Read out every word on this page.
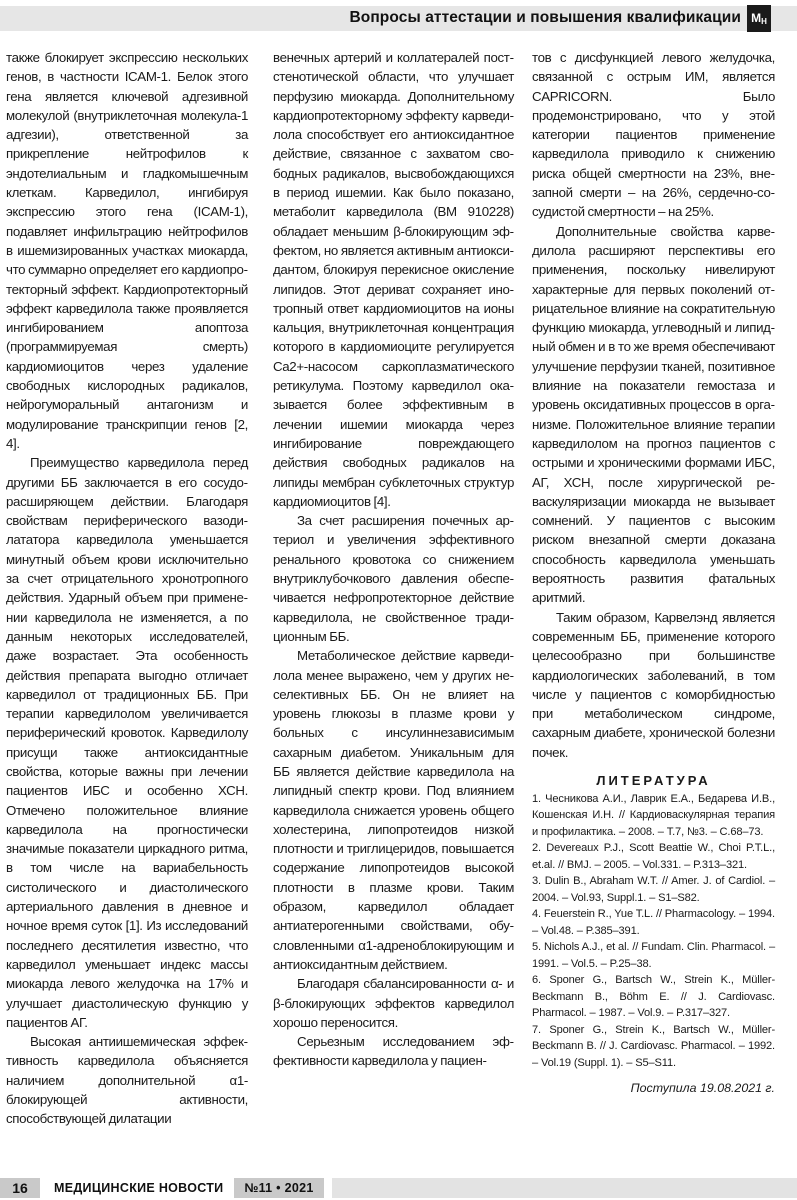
Вопросы аттестации и повышения квалификации МН

также блокирует экспрессию нескольких генов, в частности ICAM-1. Белок этого гена является ключевой адгезивной молекулой (внутриклеточная молекула-1 адгезии), ответственной за прикрепление нейтрофилов к эндотелиальным и гладкомышечным клеткам. Карведилол, ингибируя экспрессию этого гена (ICAM-1), подавляет инфильтрацию нейтрофилов в ишемизированных участках миокарда, что суммарно определяет его кардиопротекторный эффект. Кардиопротекторный эффект карведилола также проявляется ингибированием апоптоза (программируемая смерть) кардиомиоцитов через удаление свободных кислородных радикалов, нейрогуморальный антагонизм и модулирование транскрипции генов [2, 4].

Преимущество карведилола перед другими ББ заключается в его сосудорасширяющем действии. Благодаря свойствам периферического вазодилататора карведилола уменьшается минутный объем крови исключительно за счет отрицательного хронотропного действия. Ударный объем при применении карведилола не изменяется, а по данным некоторых исследователей, даже возрастает. Эта особенность действия препарата выгодно отличает карведилол от традиционных ББ. При терапии карведилолом увеличивается периферический кровоток. Карведилолу присущи также антиоксидантные свойства, которые важны при лечении пациентов ИБС и особенно ХСН. Отмечено положительное влияние карведилола на прогностически значимые показатели циркадного ритма, в том числе на вариабельность систолического и диастолического артериального давления в дневное и ночное время суток [1]. Из исследований последнего десятилетия известно, что карведилол уменьшает индекс массы миокарда левого желудочка на 17% и улучшает диастолическую функцию у пациентов АГ.

Высокая антиишемическая эффективность карведилола объясняется наличием дополнительной α1-блокирующей активности, способствующей дилатации

венечных артерий и коллатералей постстенотической области, что улучшает перфузию миокарда. Дополнительному кардиопротекторному эффекту карведилола способствует его антиоксидантное действие, связанное с захватом свободных радикалов, высвобождающихся в период ишемии. Как было показано, метаболит карведилола (BM 910228) обладает меньшим β-блокирующим эффектом, но является активным антиоксидантом, блокируя перекисное окисление липидов. Этот дериват сохраняет инотропный ответ кардиомиоцитов на ионы кальция, внутриклеточная концентрация которого в кардиомиоците регулируется Ca2+-насосом саркоплазматического ретикулума. Поэтому карведилол оказывается более эффективным в лечении ишемии миокарда через ингибирование повреждающего действия свободных радикалов на липиды мембран субклеточных структур кардиомиоцитов [4].

За счет расширения почечных артериол и увеличения эффективного ренального кровотока со снижением внутриклубочкового давления обеспечивается нефропротекторное действие карведилола, не свойственное традиционным ББ.

Метаболическое действие карведилола менее выражено, чем у других неселективных ББ. Он не влияет на уровень глюкозы в плазме крови у больных с инсулиннезависимым сахарным диабетом. Уникальным для ББ является действие карведилола на липидный спектр крови. Под влиянием карведилола снижается уровень общего холестерина, липопротеидов низкой плотности и триглицеридов, повышается содержание липопротеидов высокой плотности в плазме крови. Таким образом, карведилол обладает антиатерогенными свойствами, обусловленными α1-адреноблокирующим и антиоксидантным действием.

Благодаря сбалансированности α- и β-блокирующих эффектов карведилол хорошо переносится.

Серьезным исследованием эффективности карведилола у пациен-

тов с дисфункцией левого желудочка, связанной с острым ИМ, является CAPRICORN. Было продемонстрировано, что у этой категории пациентов применение карведилола приводило к снижению риска общей смертности на 23%, внезапной смерти – на 26%, сердечно-сосудистой смертности – на 25%.

Дополнительные свойства карведилола расширяют перспективы его применения, поскольку нивелируют характерные для первых поколений отрицательное влияние на сократительную функцию миокарда, углеводный и липидный обмен и в то же время обеспечивают улучшение перфузии тканей, позитивное влияние на показатели гемостаза и уровень оксидативных процессов в организме. Положительное влияние терапии карведилолом на прогноз пациентов с острыми и хроническими формами ИБС, АГ, ХСН, после хирургической реваскуляризации миокарда не вызывает сомнений. У пациентов с высоким риском внезапной смерти доказана способность карведилола уменьшать вероятность развития фатальных аритмий.

Таким образом, Карвелэнд является современным ББ, применение которого целесообразно при большинстве кардиологических заболеваний, в том числе у пациентов с коморбидностью при метаболическом синдроме, сахарным диабете, хронической болезни почек.

ЛИТЕРАТУРА
1. Чесникова А.И., Лаврик Е.А., Бедарева И.В., Кошенская И.Н. // Кардиоваскулярная терапия и профилактика. – 2008. – Т.7, №3. – С.68–73.
2. Devereaux P.J., Scott Beattie W., Choi P.T.L., et.al. // BMJ. – 2005. – Vol.331. – P.313–321.
3. Dulin B., Abraham W.T. // Amer. J. of Cardiol. – 2004. – Vol.93, Suppl.1. – S1–S82.
4. Feuerstein R., Yue T.L. // Pharmacology. – 1994. – Vol.48. – P.385–391.
5. Nichols A.J., et al. // Fundam. Clin. Pharmacol. – 1991. – Vol.5. – P.25–38.
6. Sponer G., Bartsch W., Strein K., Müller-Beckmann B., Böhm E. // J. Cardiovasc. Pharmacol. – 1987. – Vol.9. – P.317–327.
7. Sponer G., Strein K., Bartsch W., Müller-Beckmann B. // J. Cardiovasc. Pharmacol. – 1992. – Vol.19 (Suppl. 1). – S5–S11.
Поступила 19.08.2021 г.
16	МЕДИЦИНСКИЕ НОВОСТИ	№11 • 2021
